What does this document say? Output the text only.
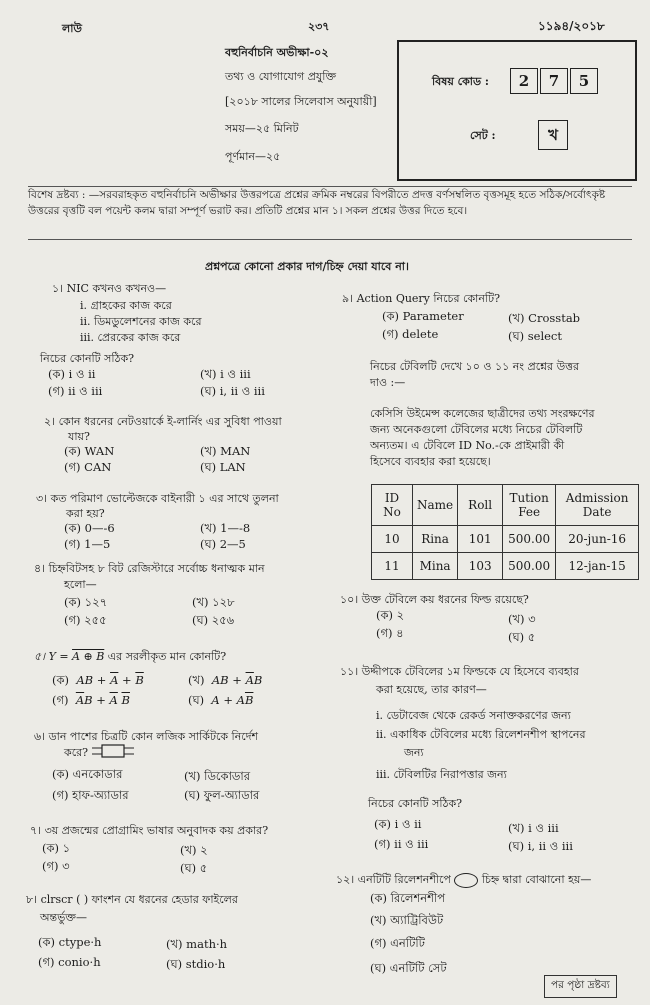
লাউ	২৩৭	১১৯৪/২০১৮
বহুনির্বাচনি অভীক্ষা-০২
তথ্য ও যোগাযোগ প্রযুক্তি
[২০১৮ সালের সিলেবাস অনুযায়ী]
সময়—২৫ মিনিট
পূর্ণমান—২৫
বিষয় কোড :	2	7	5
সেট :	খ
বিশেষ দ্রষ্টব্য : —সরবরাহকৃত বহুনির্বাচনি অভীক্ষার উত্তরপত্রে প্রশ্নের ক্রমিক নম্বরের বিপরীতে প্রদত্ত বর্ণসম্বলিত বৃত্তসমূহ হতে সঠিক/সর্বোৎকৃষ্ট উত্তরের বৃত্তটি বল পয়েন্ট কলম দ্বারা সম্পূর্ণ ভরাট কর। প্রতিটি প্রশ্নের মান ১। সকল প্রশ্নের উত্তর দিতে হবে।
প্রশ্নপত্রে কোনো প্রকার দাগ/চিহ্ন দেয়া যাবে না।
১। NIC কখনও কখনও—
i. গ্রাহকের কাজ করে
ii. ডিমডুলেশনের কাজ করে
iii. প্রেরকের কাজ করে
নিচের কোনটি সঠিক?
(ক) i ও ii	(খ) i ও iii
(গ) ii ও iii	(ঘ) i, ii ও iii
২। কোন ধরনের নেটওয়ার্কে ই-লার্নিং এর সুবিধা পাওয়া
যায়?
(ক) WAN	(খ) MAN
(গ) CAN	(ঘ) LAN
৩। কত পরিমাণ ভোল্টেজকে বাইনারী ১ এর সাথে তুলনা
করা হয়?
(ক) 0—-6	(খ) 1—-8
(গ) 1—5	(ঘ) 2—5
৪। চিহ্নবিটসহ ৮ বিট রেজিস্টারে সর্বোচ্চ ধনাত্মক মান
হলো—
(ক) ১২৭	(খ) ১২৮
(গ) ২৫৫	(ঘ) ২৫৬
৫। Y = A ⊕ B এর সরলীকৃত মান কোনটি?
(ক) AB + $\overline{A} + \overline{B}$	(খ) AB + $\overline{A}B$
(গ) $\overline{A}B + \overline{A}$ $\overline{B}$	(ঘ) $A + A\overline{B}$
৬। ডান পাশের চিত্রটি কোন লজিক সার্কিটকে নির্দেশ
করে?
(ক) এনকোডার	(খ) ডিকোডার
(গ) হাফ-অ্যাডার	(ঘ) ফুল-অ্যাডার
৭। ৩য় প্রজন্মের প্রোগ্রামিং ভাষার অনুবাদক কয় প্রকার?
(ক) ১	(খ) ২
(গ) ৩	(ঘ) ৫
৮। clrscr ( ) ফাংশন যে ধরনের হেডার ফাইলের
অন্তর্ভুক্ত—
(ক) ctype·h	(খ) math·h
(গ) conio·h	(ঘ) stdio·h
৯। Action Query নিচের কোনটি?
(ক) Parameter	(খ) Crosstab
(গ) delete	(ঘ) select
নিচের টেবিলটি দেখে ১০ ও ১১ নং প্রশ্নের উত্তর
দাও :—
কেসিসি উইমেন্স কলেজের ছাত্রীদের তথ্য সংরক্ষণের
জন্য অনেকগুলো টেবিলের মধ্যে নিচের টেবিলটি
অন্যতম। এ টেবিলে ID No.-কে প্রাইমারী কী
হিসেবে ব্যবহার করা হয়েছে।
ID No	Name	Roll	Tution Fee	Admission Date
10	Rina	101	500.00	20-jun-16
11	Mina	103	500.00	12-jan-15
১০। উক্ত টেবিলে কয় ধরনের ফিল্ড রয়েছে?
(ক) ২	(খ) ৩
(গ) ৪	(ঘ) ৫
১১। উদ্দীপকে টেবিলের ১ম ফিল্ডকে যে হিসেবে ব্যবহার
করা হয়েছে, তার কারণ—
i. ডেটাবেজ থেকে রেকর্ড সনাক্তকরণের জন্য
ii. একাধিক টেবিলের মধ্যে রিলেশনশীপ স্থাপনের
জন্য
iii. টেবিলটির নিরাপত্তার জন্য
নিচের কোনটি সঠিক?
(ক) i ও ii	(খ) i ও iii
(গ) ii ও iii	(ঘ) i, ii ও iii
১২। এনটিটি রিলেশনশীপে	চিহ্ন দ্বারা বোঝানো হয়—
(ক) রিলেশনশীপ
(খ) অ্যাট্রিবিউট
(গ) এনটিটি
(ঘ) এনটিটি সেট
পর পৃষ্ঠা দ্রষ্টব্য
